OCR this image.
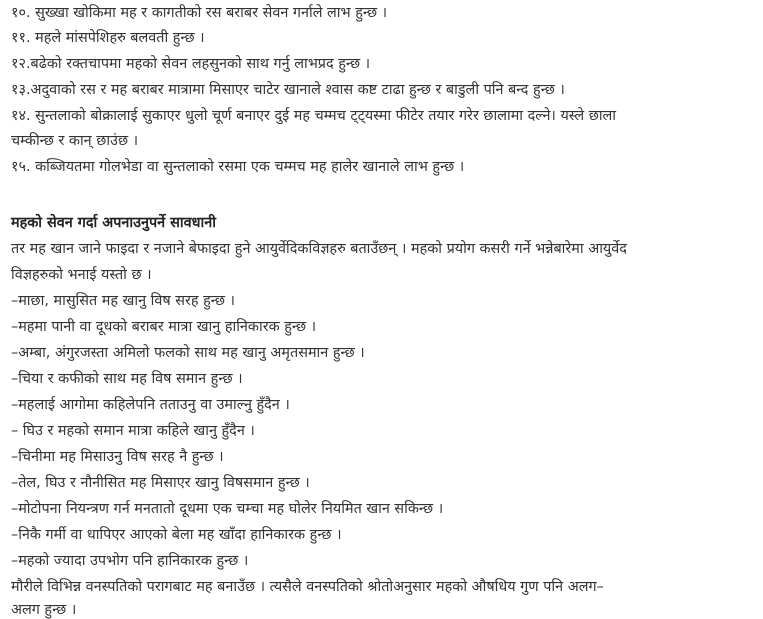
१०. सुख्खा खोकिमा मह र कागतीको रस बराबर सेवन गर्नाले लाभ हुन्छ ।
११. महले मांसपेशिहरु बलवती हुन्छ ।
१२.बढेको रक्तचापमा महको सेवन लहसुनको साथ गर्नु लाभप्रद हुन्छ ।
१३.अदुवाको रस र मह बराबर मात्रामा मिसाएर चाटेर खानाले श्वास कष्ट टाढा हुन्छ र बाडुली पनि बन्द हुन्छ ।
१४. सुन्तलाको बोक्रालाई सुकाएर धुलो चूर्ण बनाएर दुई मह चम्मच ट्ट्यस्मा फीटेर तयार गरेर छालामा दल्ने। यस्ले छाला
चम्कीन्छ र कान् छाउंछ ।
१५. कब्जियतमा गोलभेडा वा सुन्तलाको रसमा एक चम्मच मह हालेर खानाले लाभ हुन्छ ।
महको सेवन गर्दा अपनाउनुपर्ने सावधानी
तर मह खान जाने फाइदा र नजाने बेफाइदा हुने आयुर्वेदिकविज्ञहरु बताउँछन् । महको प्रयोग कसरी गर्ने भन्नेबारेमा आयुर्वेद
विज्ञहरुको भनाई यस्तो छ ।
–माछा, मासुसित मह खानु विष सरह हुन्छ ।
–महमा पानी वा दूधको बराबर मात्रा खानु हानिकारक हुन्छ ।
–अम्बा, अंगुरजस्ता अमिलो फलको साथ मह खानु अमृतसमान हुन्छ ।
–चिया र कफीको साथ मह विष समान हुन्छ ।
–महलाई आगोमा कहिलेपनि तताउनु वा उमाल्नु हुँदैन ।
– घिउ र महको समान मात्रा कहिले खानु हुँदैन ।
–चिनीमा मह मिसाउनु विष सरह नै हुन्छ ।
–तेल, घिउ र नौनीसित मह मिसाएर खानु विषसमान हुन्छ ।
–मोटोपना नियन्त्रण गर्न मनतातो दूधमा एक चम्चा मह घोलेर नियमित खान सकिन्छ ।
–निकै गर्मी वा धापिएर आएको बेला मह खाँदा हानिकारक हुन्छ ।
–महको ज्यादा उपभोग पनि हानिकारक हुन्छ ।
मौरीले विभिन्न वनस्पतिको परागबाट मह बनाउँछ । त्यसैले वनस्पतिको श्रोतोअनुसार महको औषधिय गुण पनि अलग–
अलग हुन्छ ।
